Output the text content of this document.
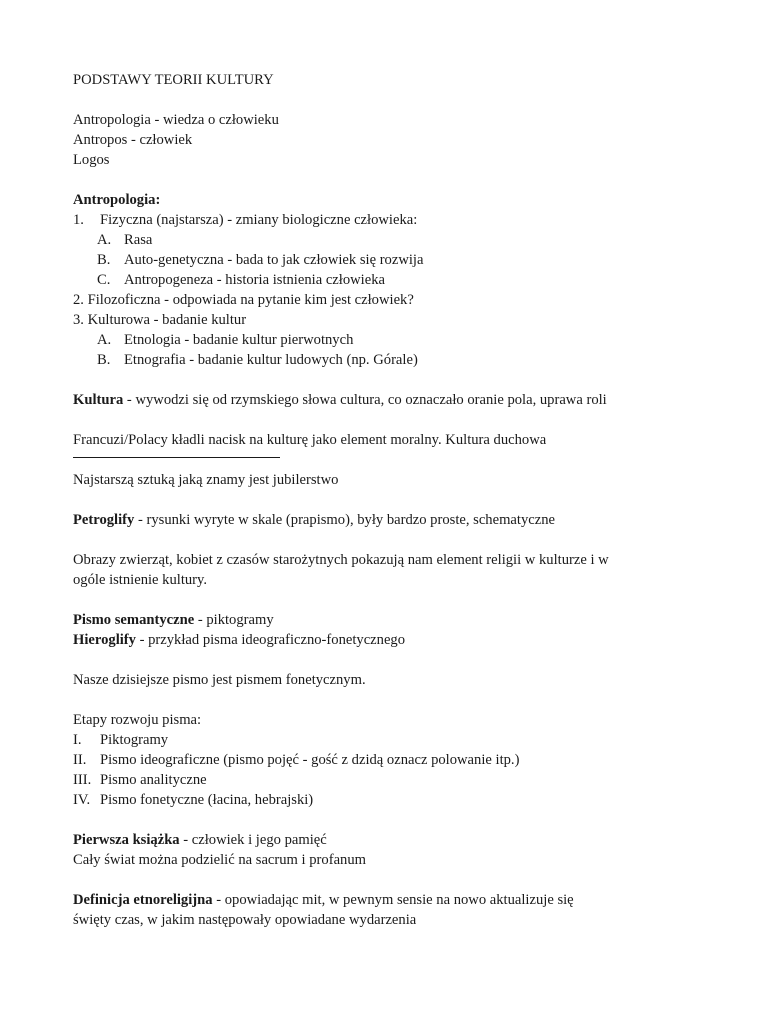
PODSTAWY TEORII KULTURY
Antropologia - wiedza o człowieku
Antropos - człowiek
Logos
Antropologia:
1. Fizyczna (najstarsza) - zmiany biologiczne człowieka:
A. Rasa
B. Auto-genetyczna - bada to jak człowiek się rozwija
C. Antropogeneza - historia istnienia człowieka
2. Filozoficzna - odpowiada na pytanie kim jest człowiek?
3. Kulturowa - badanie kultur
A. Etnologia - badanie kultur pierwotnych
B. Etnografia - badanie kultur ludowych (np. Górale)
Kultura - wywodzi się od rzymskiego słowa cultura, co oznaczało oranie pola, uprawa roli
Francuzi/Polacy kładli nacisk na kulturę jako element moralny. Kultura duchowa
Najstarszą sztuką jaką znamy jest jubilerstwo
Petroglify - rysunki wyryte w skale (prapismo), były bardzo proste, schematyczne
Obrazy zwierząt, kobiet z czasów starożytnych pokazują nam element religii w kulturze i w
ogóle istnienie kultury.
Pismo semantyczne - piktogramy
Hieroglify - przykład pisma ideograficzno-fonetycznego
Nasze dzisiejsze pismo jest pismem fonetycznym.
Etapy rozwoju pisma:
I. Piktogramy
II. Pismo ideograficzne (pismo pojęć - gość z dzidą oznacz polowanie itp.)
III. Pismo analityczne
IV. Pismo fonetyczne (łacina, hebrajski)
Pierwsza książka - człowiek i jego pamięć
Cały świat można podzielić na sacrum i profanum
Definicja etnoreligijna - opowiadając mit, w pewnym sensie na nowo aktualizuje się
święty czas, w jakim następowały opowiadane wydarzenia
